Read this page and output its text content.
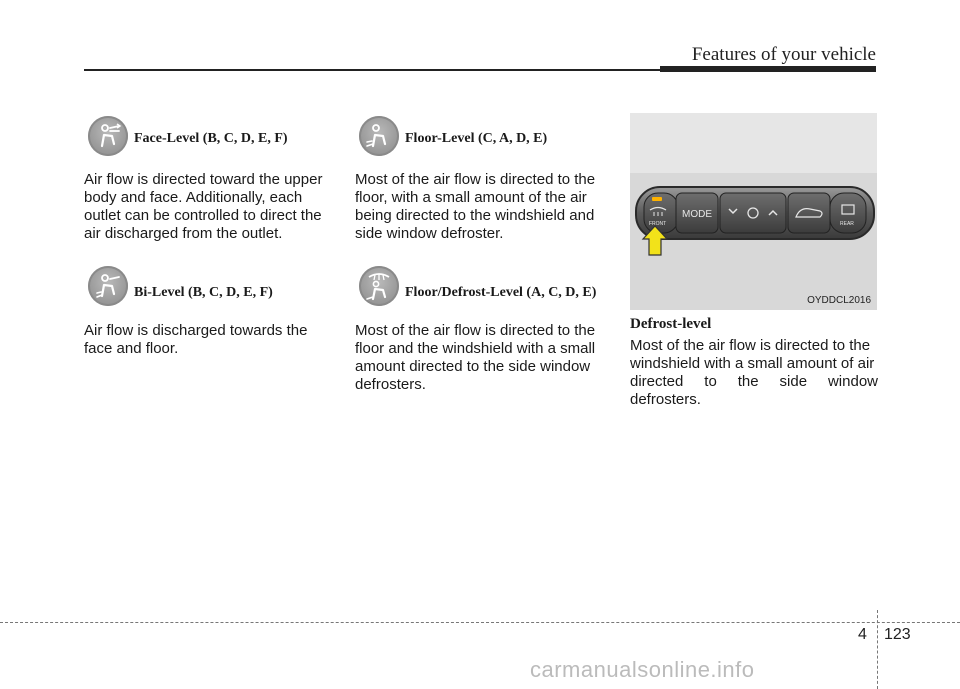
Features of your vehicle
Face-Level (B, C, D, E, F)
Air flow is directed toward the upper
body and face. Additionally, each
outlet can be controlled to direct the
air discharged from the outlet.
Bi-Level (B, C, D, E, F)
Air flow is discharged towards the
face and floor.
Floor-Level (C, A, D, E)
Most of the air flow is directed to the
floor, with a small amount of the air
being directed to the windshield and
side window defroster.
Floor/Defrost-Level (A, C, D, E)
Most of the air flow is directed to the
floor and the windshield with a small
amount directed to the side window
defrosters.
FRONT
MODE
REAR
OYDDCL2016
Defrost-level
Most of the air flow is directed to the
windshield with a small amount of air
directed to the side window
defrosters.
4 123
carmanualsonline.info
